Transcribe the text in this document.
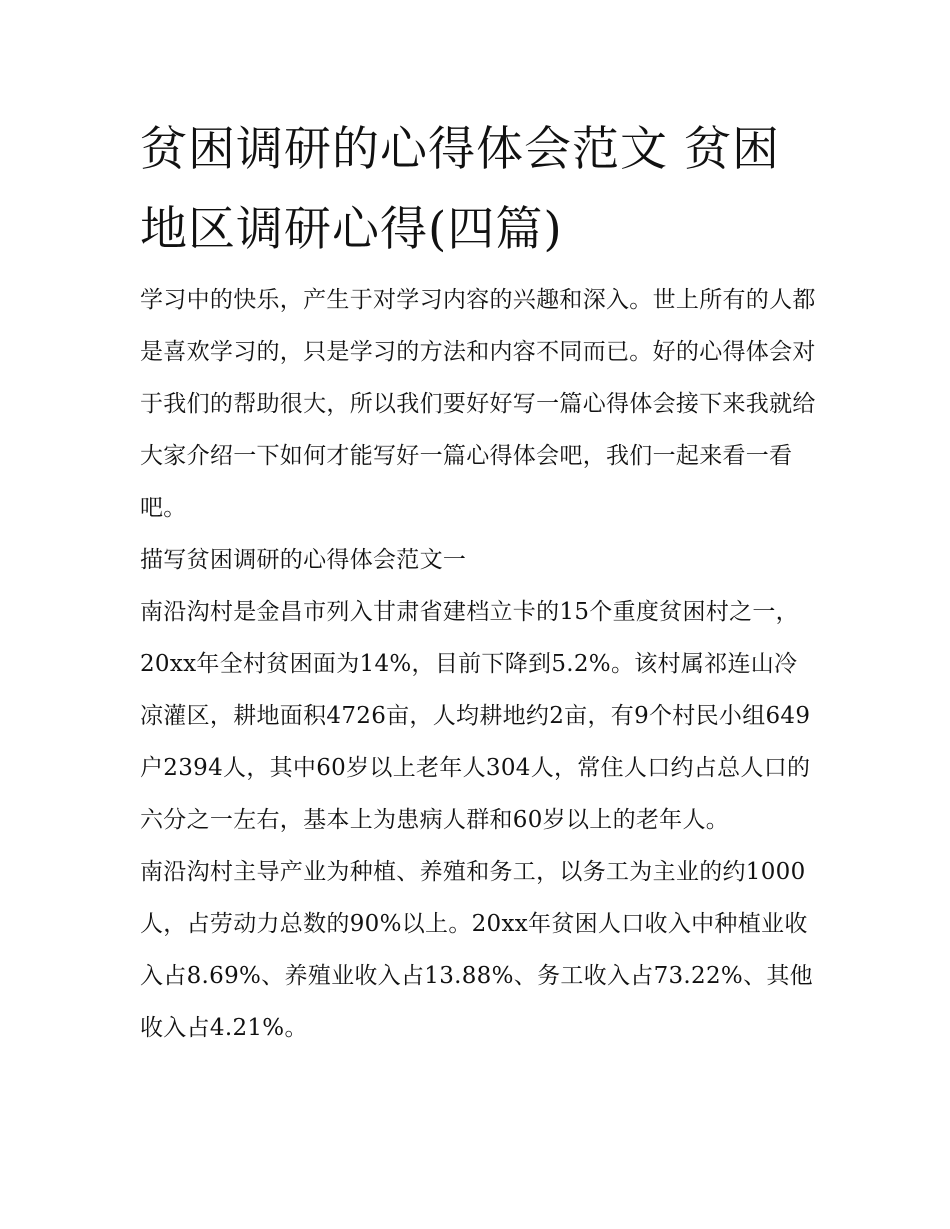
贫困调研的心得体会范文 贫困地区调研心得(四篇)

学习中的快乐，产生于对学习内容的兴趣和深入。世上所有的人都是喜欢学习的，只是学习的方法和内容不同而已。好的心得体会对于我们的帮助很大，所以我们要好好写一篇心得体会接下来我就给大家介绍一下如何才能写好一篇心得体会吧，我们一起来看一看吧。

描写贫困调研的心得体会范文一

南沿沟村是金昌市列入甘肃省建档立卡的15个重度贫困村之一，20xx年全村贫困面为14%，目前下降到5.2%。该村属祁连山冷凉灌区，耕地面积4726亩，人均耕地约2亩，有9个村民小组649户2394人，其中60岁以上老年人304人，常住人口约占总人口的六分之一左右，基本上为患病人群和60岁以上的老年人。

南沿沟村主导产业为种植、养殖和务工，以务工为主业的约1000人，占劳动力总数的90%以上。20xx年贫困人口收入中种植业收入占8.69%、养殖业收入占13.88%、务工收入占73.22%、其他收入占4.21%。
